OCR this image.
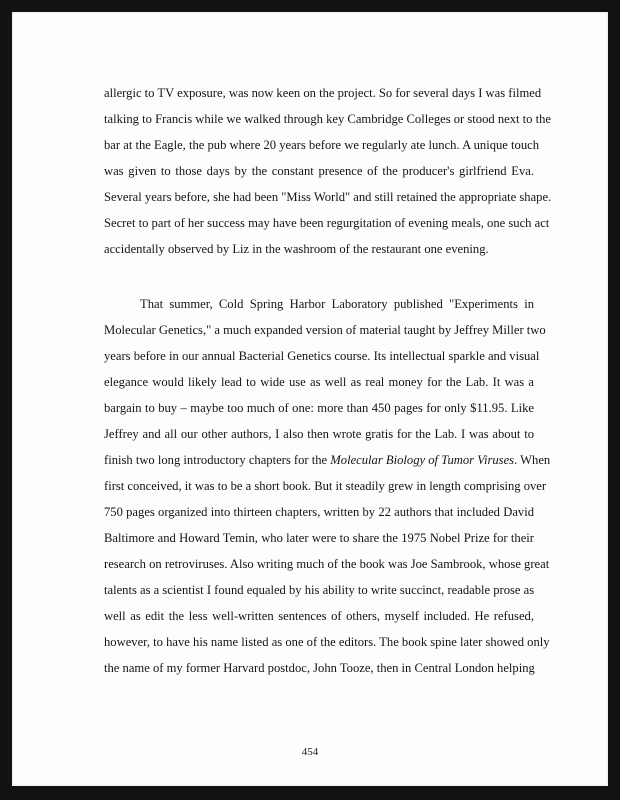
allergic to TV exposure, was now keen on the project. So for several days I was filmed
talking to Francis while we walked through key Cambridge Colleges or stood next to the
bar at the Eagle, the pub where 20 years before we regularly ate lunch. A unique touch
was given to those days by the constant presence of the producer's girlfriend Eva.
Several years before, she had been "Miss World" and still retained the appropriate shape.
Secret to part of her success may have been regurgitation of evening meals, one such act
accidentally observed by Liz in the washroom of the restaurant one evening.
That summer, Cold Spring Harbor Laboratory published "Experiments in
Molecular Genetics," a much expanded version of material taught by Jeffrey Miller two
years before in our annual Bacterial Genetics course. Its intellectual sparkle and visual
elegance would likely lead to wide use as well as real money for the Lab. It was a
bargain to buy – maybe too much of one: more than 450 pages for only $11.95. Like
Jeffrey and all our other authors, I also then wrote gratis for the Lab. I was about to
finish two long introductory chapters for the Molecular Biology of Tumor Viruses. When
first conceived, it was to be a short book. But it steadily grew in length comprising over
750 pages organized into thirteen chapters, written by 22 authors that included David
Baltimore and Howard Temin, who later were to share the 1975 Nobel Prize for their
research on retroviruses. Also writing much of the book was Joe Sambrook, whose great
talents as a scientist I found equaled by his ability to write succinct, readable prose as
well as edit the less well-written sentences of others, myself included. He refused,
however, to have his name listed as one of the editors. The book spine later showed only
the name of my former Harvard postdoc, John Tooze, then in Central London helping
454
